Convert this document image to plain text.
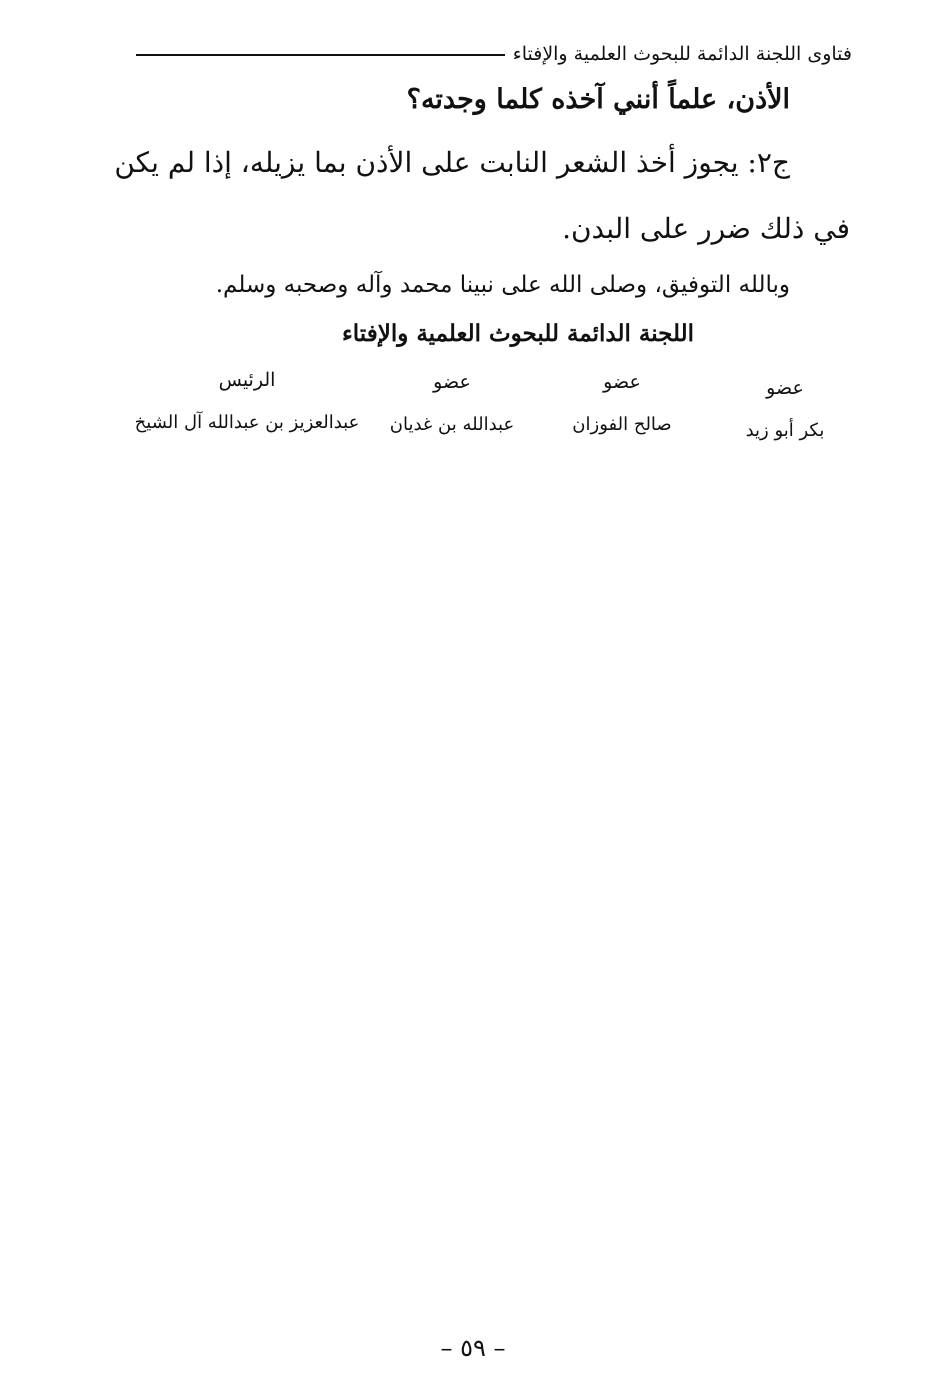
فتاوى اللجنة الدائمة للبحوث العلمية والإفتاء
الأذن، علماً أنني آخذه كلما وجدته؟
ج٢: يجوز أخذ الشعر النابت على الأذن بما يزيله، إذا لم يكن
في ذلك ضرر على البدن.
وبالله التوفيق، وصلى الله على نبينا محمد وآله وصحبه وسلم.
اللجنة الدائمة للبحوث العلمية والإفتاء
عضو
بكر أبو زيد
عضو
صالح الفوزان
عضو
عبدالله بن غديان
الرئيس
عبدالعزيز بن عبدالله آل الشيخ
– ٥٩ –
